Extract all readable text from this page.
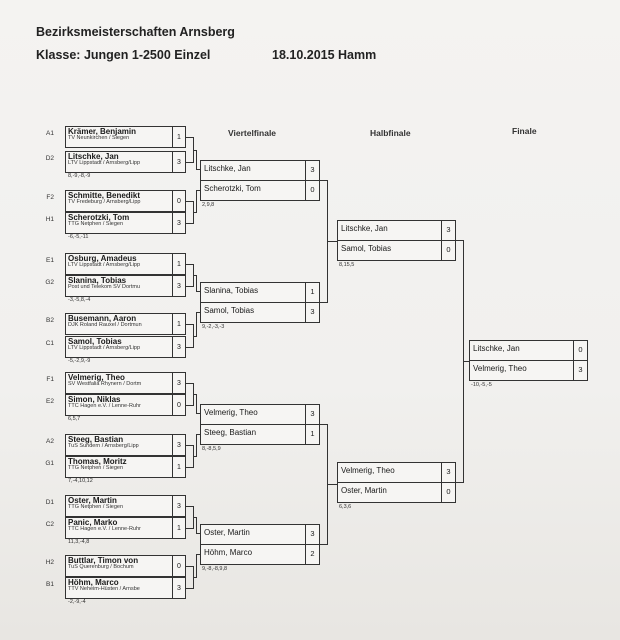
Bezirksmeisterschaften Arnsberg
Klasse: Jungen 1-2500 Einzel	18.10.2015 Hamm
Viertelfinale	Halbfinale	Finale
A1 Krämer, Benjamin
TV Neunkirchen / Siegen	1
D2 Litschke, Jan
LTV Lippstadt / Arnsberg/Lipp	3
8,-9,-8,-9
F2 Schmitte, Benedikt
TV Fredeburg / Arnsberg/Lipp	0
H1 Scherotzki, Tom
TTG Netphen / Siegen	3
-6,-5,-11
E1 Osburg, Amadeus
LTV Lippstadt / Arnsberg/Lipp	1
G2 Slanina, Tobias
Post und Telekom SV Dortmu	3
-3,-5,8,-4
B2 Busemann, Aaron
DJK Roland Rauxel / Dortmun	1
C1 Samol, Tobias
LTV Lippstadt / Arnsberg/Lipp	3
-5,-2,9,-9
F1 Velmerig, Theo
SV Westfalia Rhynern / Dortm	3
E2 Simon, Niklas
TTC Hagen e.V. / Lenne-Ruhr	0
6,5,7
A2 Steeg, Bastian
TuS Sundern / Arnsberg/Lipp	3
G1 Thomas, Moritz
TTG Netphen / Siegen	1
7,-4,10,12
D1 Oster, Martin
TTG Netphen / Siegen	3
C2 Panic, Marko
TTC Hagen e.V. / Lenne-Ruhr	1
11,3,-4,8
H2 Buttlar, Timon von
TuS Querenburg / Bochum	0
B1 Höhm, Marco
TTV Neheim-Hüsten / Arnsbe	3
-2,-9,-4
Litschke, Jan	3
Scherotzki, Tom	0
2,9,8
Slanina, Tobias	1
Samol, Tobias	3
9,-2,-3,-3
Velmerig, Theo	3
Steeg, Bastian	1
8,-8,5,9
Oster, Martin	3
Höhm, Marco	2
9,-8,-8,9,8
Litschke, Jan	3
Samol, Tobias	0
8,15,5
Velmerig, Theo	3
Oster, Martin	0
6,3,6
Litschke, Jan	0
Velmerig, Theo	3
-10,-5,-5
